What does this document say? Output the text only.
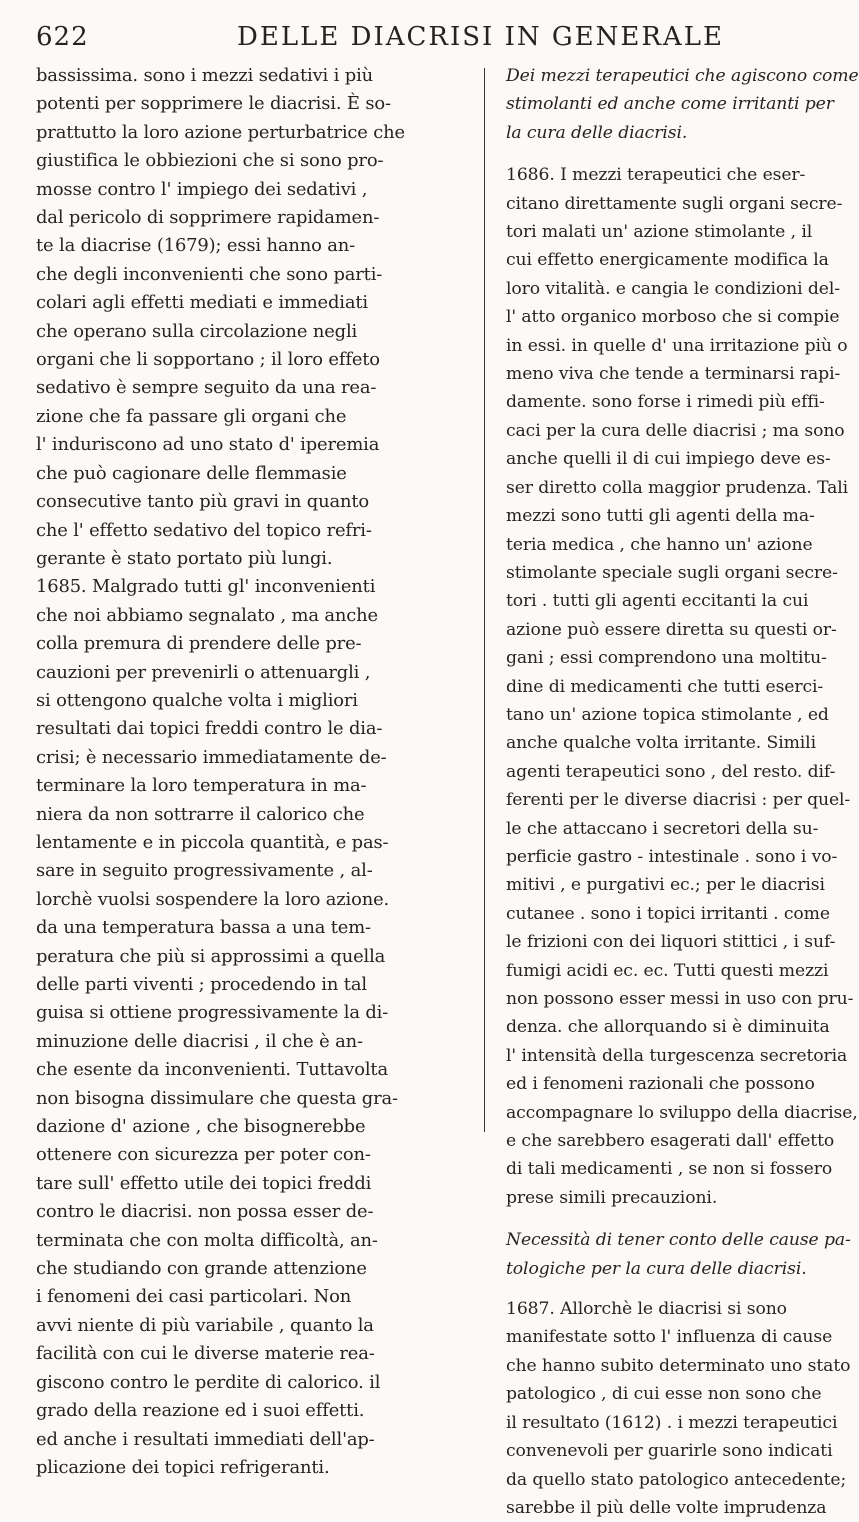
622	DELLE DIACRISI IN GENERALE
bassissima. sono i mezzi sedativi i più
potenti per sopprimere le diacrisi. È so-
prattutto la loro azione perturbatrice che
giustifica le obbiezioni che si sono pro-
mosse contro l' impiego dei sedativi ,
dal pericolo di sopprimere rapidamen-
te la diacrise (1679); essi hanno an-
che degli inconvenienti che sono parti-
colari agli effetti mediati e immediati
che operano sulla circolazione negli
organi che li sopportano ; il loro effeto
sedativo è sempre seguito da una rea-
zione che fa passare gli organi che
l' induriscono ad uno stato d' iperemia
che può cagionare delle flemmasie
consecutive tanto più gravi in quanto
che l' effetto sedativo del topico refri-
gerante è stato portato più lungi.
1685. Malgrado tutti gl' inconvenienti
che noi abbiamo segnalato , ma anche
colla premura di prendere delle pre-
cauzioni per prevenirli o attenuargli ,
si ottengono qualche volta i migliori
resultati dai topici freddi contro le dia-
crisi; è necessario immediatamente de-
terminare la loro temperatura in ma-
niera da non sottrarre il calorico che
lentamente e in piccola quantità, e pas-
sare in seguito progressivamente , al-
lorchè vuolsi sospendere la loro azione.
da una temperatura bassa a una tem-
peratura che più si approssimi a quella
delle parti viventi ; procedendo in tal
guisa si ottiene progressivamente la di-
minuzione delle diacrisi , il che è an-
che esente da inconvenienti. Tuttavolta
non bisogna dissimulare che questa gra-
dazione d' azione , che bisognerebbe
ottenere con sicurezza per poter con-
tare sull' effetto utile dei topici freddi
contro le diacrisi. non possa esser de-
terminata che con molta difficoltà, an-
che studiando con grande attenzione
i fenomeni dei casi particolari. Non
avvi niente di più variabile , quanto la
facilità con cui le diverse materie rea-
giscono contro le perdite di calorico. il
grado della reazione ed i suoi effetti.
ed anche i resultati immediati dell'ap-
plicazione dei topici refrigeranti.
Dei mezzi terapeutici che agiscono come
stimolanti ed anche come irritanti per
la cura delle diacrisi.
1686. I mezzi terapeutici che eser-
citano direttamente sugli organi secre-
tori malati un' azione stimolante , il
cui effetto energicamente modifica la
loro vitalità. e cangia le condizioni del-
l' atto organico morboso che si compie
in essi. in quelle d' una irritazione più o
meno viva che tende a terminarsi rapi-
damente. sono forse i rimedi più effi-
caci per la cura delle diacrisi ; ma sono
anche quelli il di cui impiego deve es-
ser diretto colla maggior prudenza. Tali
mezzi sono tutti gli agenti della ma-
teria medica , che hanno un' azione
stimolante speciale sugli organi secre-
tori . tutti gli agenti eccitanti la cui
azione può essere diretta su questi or-
gani ; essi comprendono una moltitu-
dine di medicamenti che tutti eserci-
tano un' azione topica stimolante , ed
anche qualche volta irritante. Simili
agenti terapeutici sono , del resto. dif-
ferenti per le diverse diacrisi : per quel-
le che attaccano i secretori della su-
perficie gastro - intestinale . sono i vo-
mitivi , e purgativi ec.; per le diacrisi
cutanee . sono i topici irritanti . come
le frizioni con dei liquori stittici , i suf-
fumigi acidi ec. ec. Tutti questi mezzi
non possono esser messi in uso con pru-
denza. che allorquando si è diminuita
l' intensità della turgescenza secretoria
ed i fenomeni razionali che possono
accompagnare lo sviluppo della diacrise,
e che sarebbero esagerati dall' effetto
di tali medicamenti , se non si fossero
prese simili precauzioni.
Necessità di tener conto delle cause pa-
tologiche per la cura delle diacrisi.
1687. Allorchè le diacrisi si sono
manifestate sotto l' influenza di cause
che hanno subito determinato uno stato
patologico , di cui esse non sono che
il resultato (1612) . i mezzi terapeutici
convenevoli per guarirle sono indicati
da quello stato patologico antecedente;
sarebbe il più delle volte imprudenza
